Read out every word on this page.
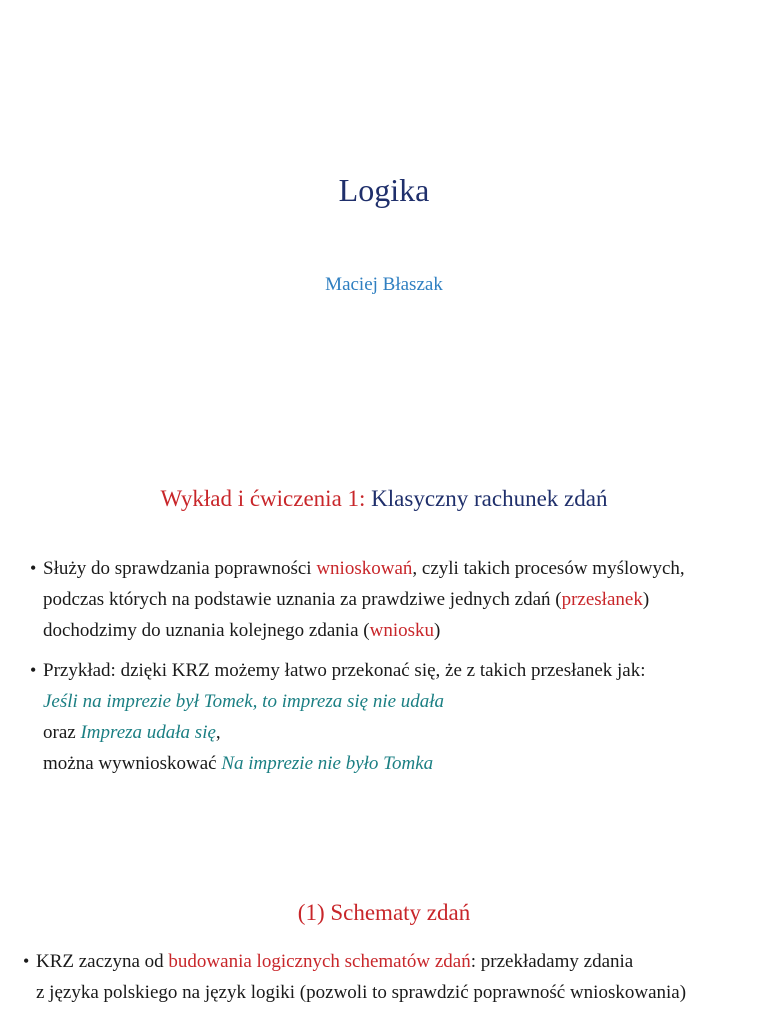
Logika
Maciej Błaszak
Wykład i ćwiczenia 1: Klasyczny rachunek zdań
• Służy do sprawdzania poprawności wnioskowań, czyli takich procesów myślowych,
podczas których na podstawie uznania za prawdziwe jednych zdań (przesłanek)
dochodzimy do uznania kolejnego zdania (wniosku)
• Przykład: dzięki KRZ możemy łatwo przekonać się, że z takich przesłanek jak:
Jeśli na imprezie był Tomek, to impreza się nie udała
oraz Impreza udała się,
można wywnioskować Na imprezie nie było Tomka
(1) Schematy zdań
• KRZ zaczyna od budowania logicznych schematów zdań: przekładamy zdania
z języka polskiego na język logiki (pozwoli to sprawdzić poprawność wnioskowania)
